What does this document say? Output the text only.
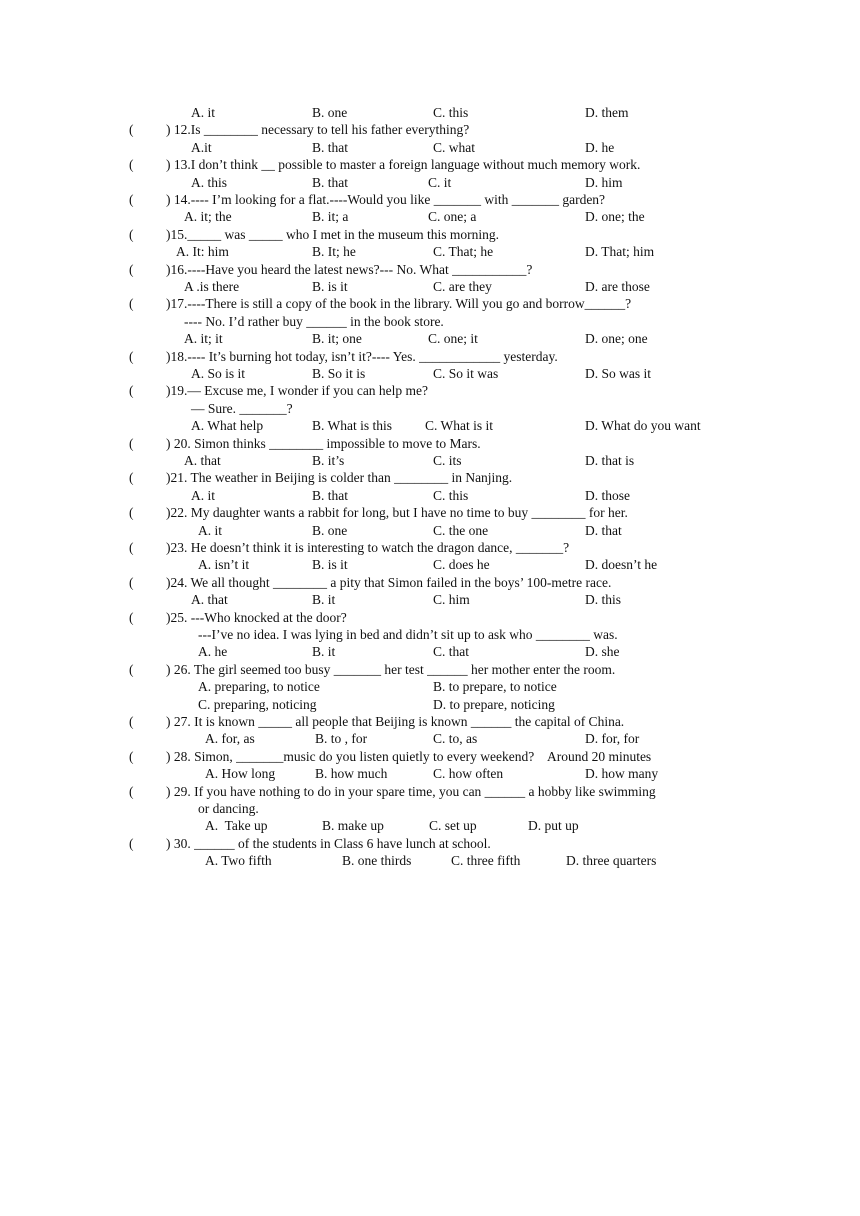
A. it	B. one	C. this	D. them
( ) 12.Is ________ necessary to tell his father everything?
A.it	B. that	C. what	D. he
( ) 13.I don’t think __ possible to master a foreign language without much memory work.
A. this	B. that	C. it	D. him
( ) 14.---- I’m looking for a flat.----Would you like _______ with _______ garden?
A. it; the	B. it; a	C. one; a	D. one; the
( )15._____ was _____ who I met in the museum this morning.
A. It: him	B. It; he	C. That; he	D. That; him
( )16.----Have you heard the latest news?--- No. What ___________?
A .is there	B. is it	C. are they	D. are those
( )17.----There is still a copy of the book in the library. Will you go and borrow______?
---- No. I’d rather buy ______ in the book store.
A. it; it	B. it; one	C. one; it	D. one; one
( )18.---- It’s burning hot today, isn’t it?---- Yes. ____________ yesterday.
A. So is it	B. So it is	C. So it was	D. So was it
( )19.— Excuse me, I wonder if you can help me?
— Sure. _______?
A. What help	B. What is this C. What is it	D. What do you want
( ) 20. Simon thinks ________ impossible to move to Mars.
A. that	B. it’s	C. its	D. that is
( )21. The weather in Beijing is colder than ________ in Nanjing.
A. it	B. that	C. this	D. those
( )22. My daughter wants a rabbit for long, but I have no time to buy ________ for her.
A. it	B. one	C. the one	D. that
( )23. He doesn’t think it is interesting to watch the dragon dance, _______?
A. isn’t it	B. is it	C. does he	D. doesn’t he
( )24. We all thought ________ a pity that Simon failed in the boys’ 100-metre race.
A. that	B. it	C. him	D. this
( )25. ---Who knocked at the door?
---I’ve no idea. I was lying in bed and didn’t sit up to ask who ________ was.
A. he	B. it	C. that	D. she
( ) 26. The girl seemed too busy _______ her test ______ her mother enter the room.
A. preparing, to notice	B. to prepare, to notice
C. preparing, noticing	D. to prepare, noticing
( ) 27. It is known _____ all people that Beijing is known ______ the capital of China.
A. for, as	B. to , for	C. to, as	D. for, for
( ) 28. Simon, _______music do you listen quietly to every weekend?    Around 20 minutes
A. How long	B. how much	C. how often	D. how many
( ) 29. If you have nothing to do in your spare time, you can ______ a hobby like swimming
or dancing.
A.  Take up	B. make up	C. set up	D. put up
( ) 30. ______ of the students in Class 6 have lunch at school.
A. Two fifth	B. one thirds	C. three fifth	D. three quarters
